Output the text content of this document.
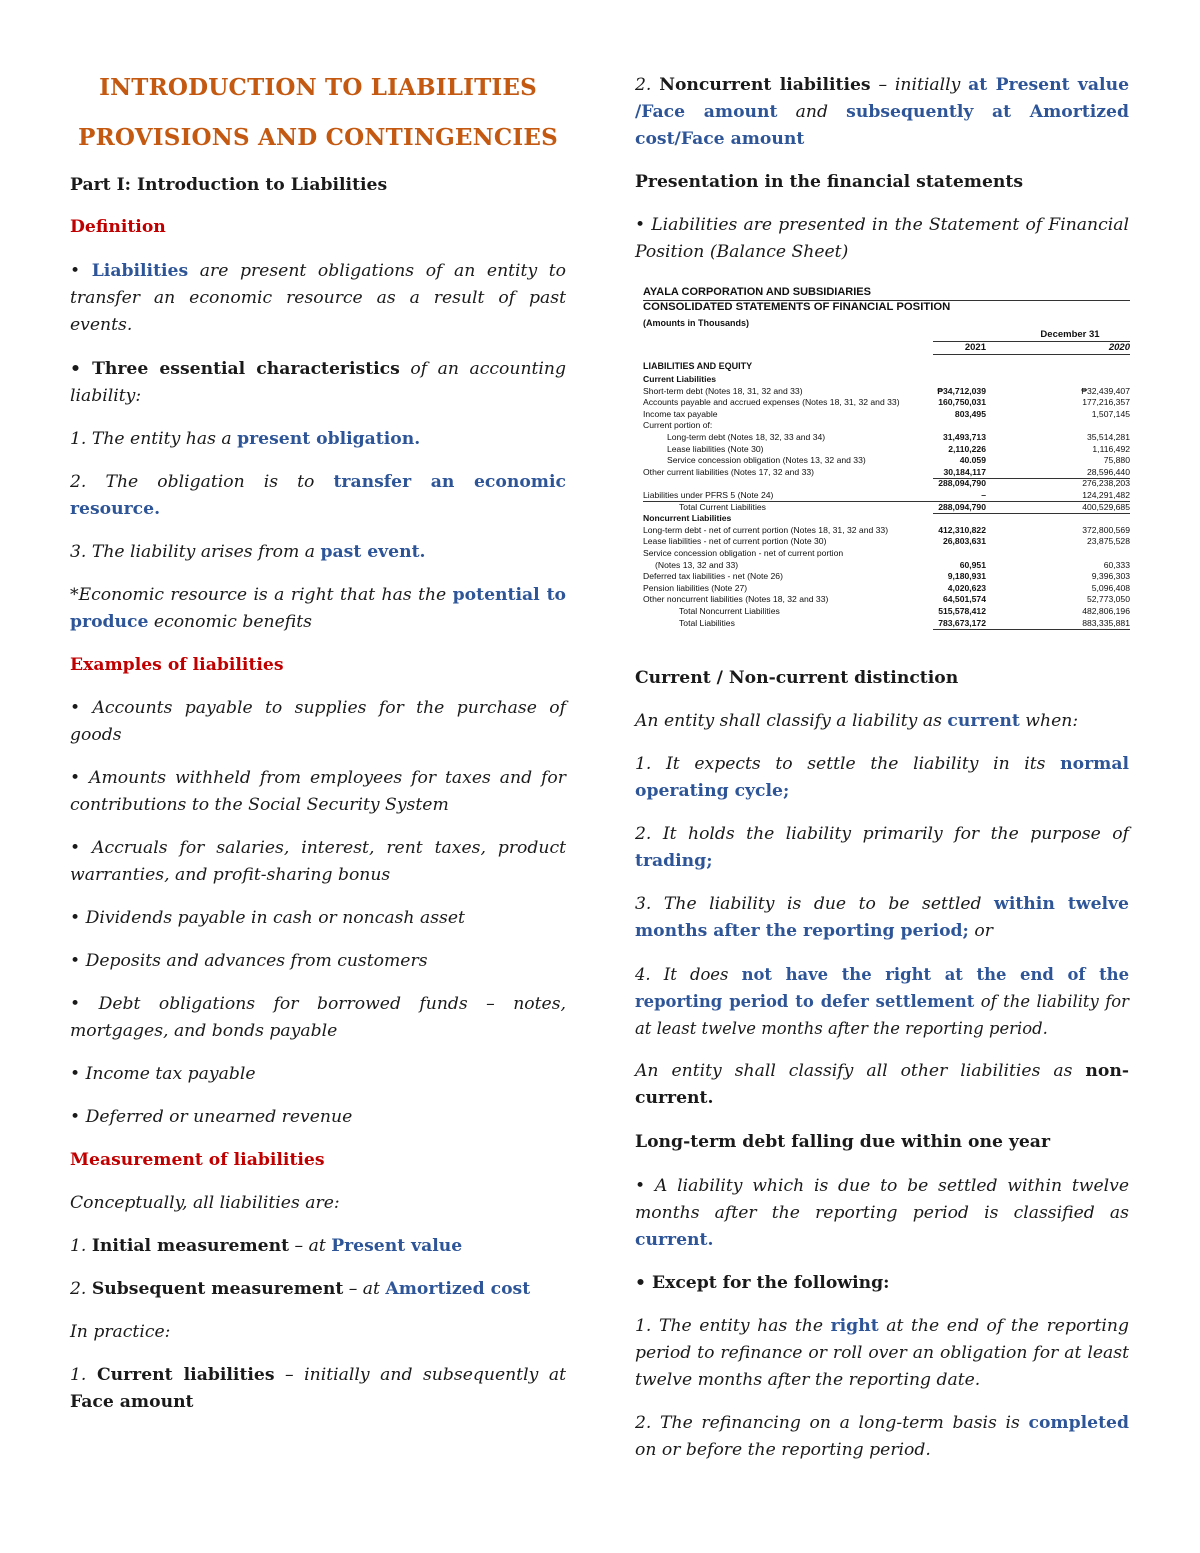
INTRODUCTION TO LIABILITIES

PROVISIONS AND CONTINGENCIES

Part I: Introduction to Liabilities

Definition

• Liabilities are present obligations of an entity to transfer an economic resource as a result of past events.

• Three essential characteristics of an accounting liability:

1. The entity has a present obligation.

2. The obligation is to transfer an economic resource.

3. The liability arises from a past event.

*Economic resource is a right that has the potential to produce economic benefits

Examples of liabilities

• Accounts payable to supplies for the purchase of goods

• Amounts withheld from employees for taxes and for contributions to the Social Security System

• Accruals for salaries, interest, rent taxes, product warranties, and profit-sharing bonus

• Dividends payable in cash or noncash asset

• Deposits and advances from customers

• Debt obligations for borrowed funds – notes, mortgages, and bonds payable

• Income tax payable

• Deferred or unearned revenue

Measurement of liabilities

Conceptually, all liabilities are:

1. Initial measurement – at Present value

2. Subsequent measurement – at Amortized cost

In practice:

1. Current liabilities – initially and subsequently at Face amount

2. Noncurrent liabilities – initially at Present value /Face amount and subsequently at Amortized cost/Face amount

Presentation in the financial statements

• Liabilities are presented in the Statement of Financial Position (Balance Sheet)

Current / Non-current distinction

An entity shall classify a liability as current when:

1. It expects to settle the liability in its normal operating cycle;

2. It holds the liability primarily for the purpose of trading;

3. The liability is due to be settled within twelve months after the reporting period; or

4. It does not have the right at the end of the reporting period to defer settlement of the liability for at least twelve months after the reporting period.

An entity shall classify all other liabilities as non-current.

Long-term debt falling due within one year

• A liability which is due to be settled within twelve months after the reporting period is classified as current.

• Except for the following:

1. The entity has the right at the end of the reporting period to refinance or roll over an obligation for at least twelve months after the reporting date.

2. The refinancing on a long-term basis is completed on or before the reporting period.

AYALA CORPORATION AND SUBSIDIARIES
CONSOLIDATED STATEMENTS OF FINANCIAL POSITION
(Amounts in Thousands)
December 31
2021	2020
LIABILITIES AND EQUITY
Current Liabilities
Short-term debt (Notes 18, 31, 32 and 33)	₱34,712,039	₱32,439,407
Accounts payable and accrued expenses (Notes 18, 31, 32 and 33)	160,750,031	177,216,357
Income tax payable	803,495	1,507,145
Current portion of:
Long-term debt (Notes 18, 32, 33 and 34)	31,493,713	35,514,281
Lease liabilities (Note 30)	2,110,226	1,116,492
Service concession obligation (Notes 13, 32 and 33)	40.059	75,880
Other current liabilities (Notes 17, 32 and 33)	30,184,117	28,596,440
288,094,790	276,238,203
Liabilities under PFRS 5 (Note 24)	–	124,291,482
Total Current Liabilities	288,094,790	400,529,685
Noncurrent Liabilities
Long-term debt - net of current portion (Notes 18, 31, 32 and 33)	412,310,822	372,800,569
Lease liabilities - net of current portion (Note 30)	26,803,631	23,875,528
Service concession obligation - net of current portion
(Notes 13, 32 and 33)	60,951	60,333
Deferred tax liabilities - net (Note 26)	9,180,931	9,396,303
Pension liabilities (Note 27)	4,020,623	5,096,408
Other noncurrent liabilities (Notes 18, 32 and 33)	64,501,574	52,773,050
Total Noncurrent Liabilities	515,578,412	482,806,196
Total Liabilities	783,673,172	883,335,881
